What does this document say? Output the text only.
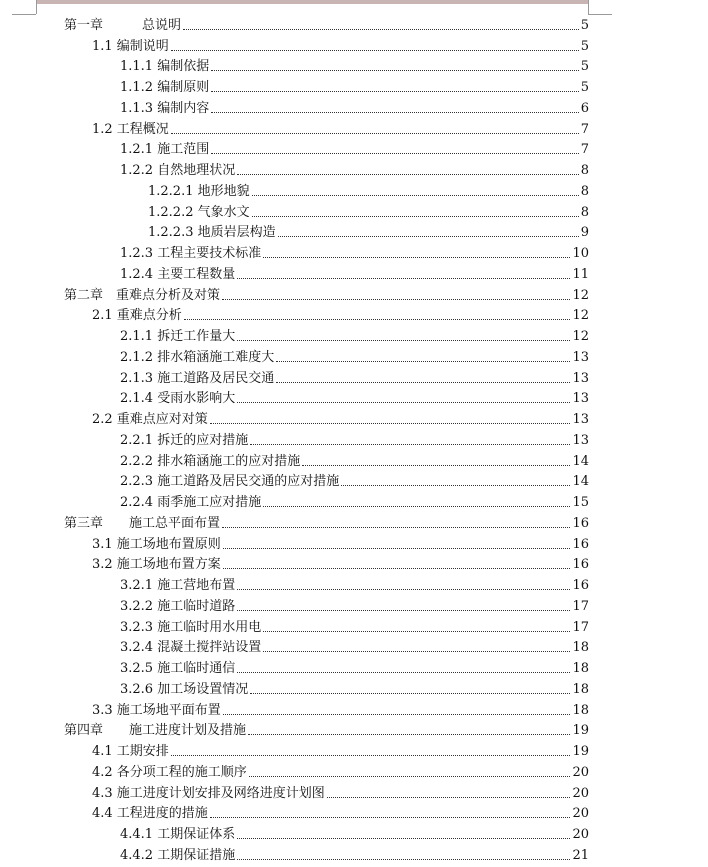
第一章　　　总说明	5
1.1 编制说明	5
1.1.1 编制依据	5
1.1.2 编制原则	5
1.1.3 编制内容	6
1.2 工程概况	7
1.2.1 施工范围	7
1.2.2 自然地理状况	8
1.2.2.1 地形地貌	8
1.2.2.2 气象水文	8
1.2.2.3 地质岩层构造	9
1.2.3 工程主要技术标准	10
1.2.4 主要工程数量	11
第二章　重难点分析及对策	12
2.1 重难点分析	12
2.1.1 拆迁工作量大	12
2.1.2 排水箱涵施工难度大	13
2.1.3 施工道路及居民交通	13
2.1.4 受雨水影响大	13
2.2 重难点应对对策	13
2.2.1 拆迁的应对措施	13
2.2.2 排水箱涵施工的应对措施	14
2.2.3 施工道路及居民交通的应对措施	14
2.2.4 雨季施工应对措施	15
第三章　　施工总平面布置	16
3.1 施工场地布置原则	16
3.2 施工场地布置方案	16
3.2.1 施工营地布置	16
3.2.2 施工临时道路	17
3.2.3 施工临时用水用电	17
3.2.4 混凝土搅拌站设置	18
3.2.5 施工临时通信	18
3.2.6 加工场设置情况	18
3.3 施工场地平面布置	18
第四章　　施工进度计划及措施	19
4.1 工期安排	19
4.2 各分项工程的施工顺序	20
4.3 施工进度计划安排及网络进度计划图	20
4.4 工程进度的措施	20
4.4.1 工期保证体系	20
4.4.2 工期保证措施	21
